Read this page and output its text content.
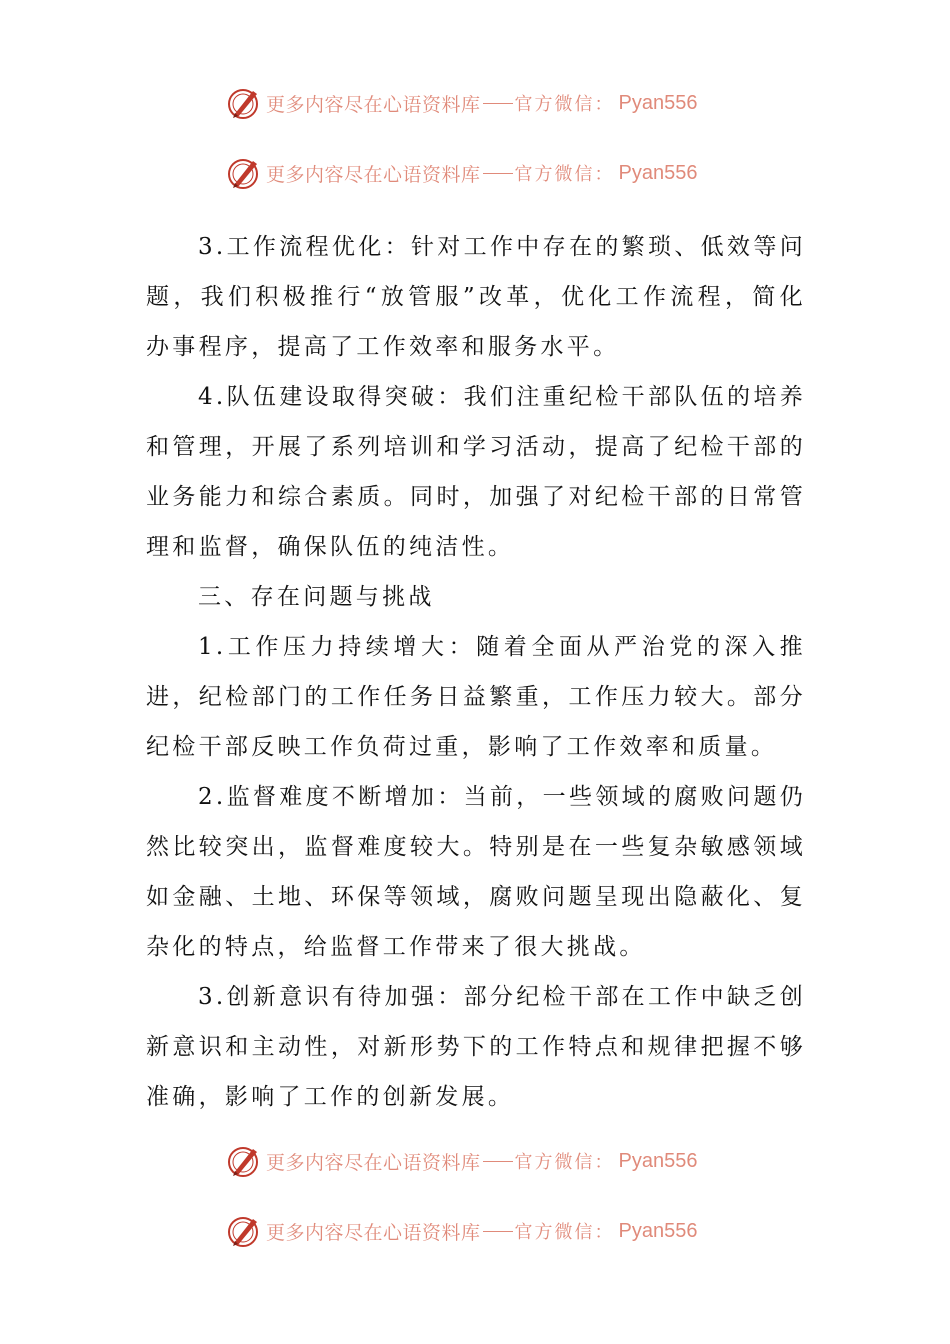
更多内容尽在心语资料库 官方微信： Pyan556
更多内容尽在心语资料库 官方微信： Pyan556

3.工作流程优化：针对工作中存在的繁琐、低效等问题，我们积极推行“放管服”改革，优化工作流程，简化办事程序，提高了工作效率和服务水平。

4.队伍建设取得突破：我们注重纪检干部队伍的培养和管理，开展了系列培训和学习活动，提高了纪检干部的业务能力和综合素质。同时，加强了对纪检干部的日常管理和监督，确保队伍的纯洁性。

三、存在问题与挑战

1.工作压力持续增大：随着全面从严治党的深入推进，纪检部门的工作任务日益繁重，工作压力较大。部分纪检干部反映工作负荷过重，影响了工作效率和质量。

2.监督难度不断增加：当前，一些领域的腐败问题仍然比较突出，监督难度较大。特别是在一些复杂敏感领域如金融、土地、环保等领域，腐败问题呈现出隐蔽化、复杂化的特点，给监督工作带来了很大挑战。

3.创新意识有待加强：部分纪检干部在工作中缺乏创新意识和主动性，对新形势下的工作特点和规律把握不够准确，影响了工作的创新发展。

更多内容尽在心语资料库 官方微信： Pyan556
更多内容尽在心语资料库 官方微信： Pyan556
